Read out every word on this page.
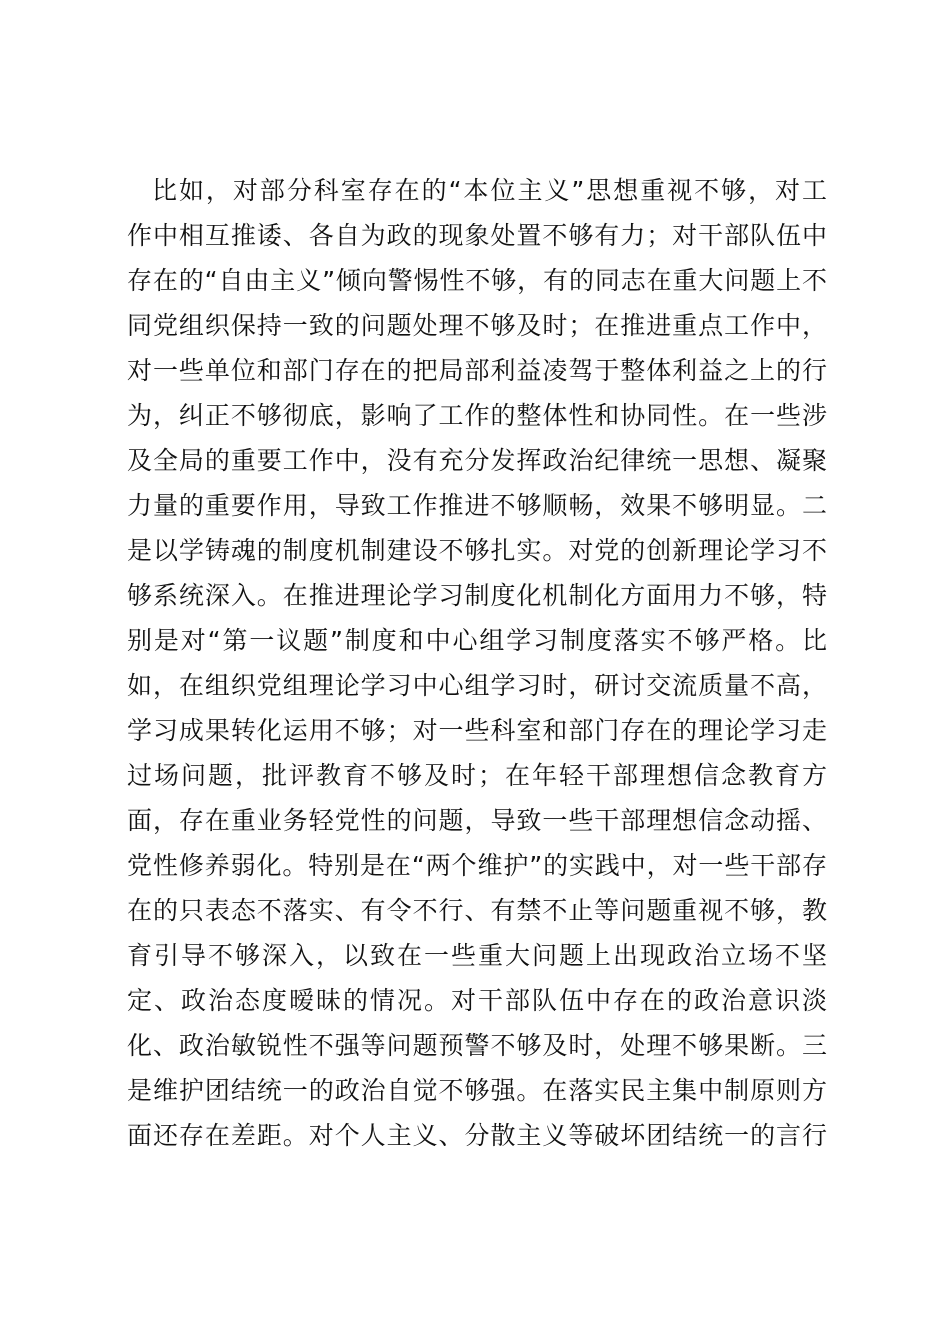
比如，对部分科室存在的“本位主义”思想重视不够，对工
作中相互推诿、各自为政的现象处置不够有力；对干部队伍中
存在的“自由主义”倾向警惕性不够，有的同志在重大问题上不
同党组织保持一致的问题处理不够及时；在推进重点工作中，
对一些单位和部门存在的把局部利益凌驾于整体利益之上的行
为，纠正不够彻底，影响了工作的整体性和协同性。在一些涉
及全局的重要工作中，没有充分发挥政治纪律统一思想、凝聚
力量的重要作用，导致工作推进不够顺畅，效果不够明显。二
是以学铸魂的制度机制建设不够扎实。对党的创新理论学习不
够系统深入。在推进理论学习制度化机制化方面用力不够，特
别是对“第一议题”制度和中心组学习制度落实不够严格。比
如，在组织党组理论学习中心组学习时，研讨交流质量不高，
学习成果转化运用不够；对一些科室和部门存在的理论学习走
过场问题，批评教育不够及时；在年轻干部理想信念教育方
面，存在重业务轻党性的问题，导致一些干部理想信念动摇、
党性修养弱化。特别是在“两个维护”的实践中，对一些干部存
在的只表态不落实、有令不行、有禁不止等问题重视不够，教
育引导不够深入，以致在一些重大问题上出现政治立场不坚
定、政治态度暧昧的情况。对干部队伍中存在的政治意识淡
化、政治敏锐性不强等问题预警不够及时，处理不够果断。三
是维护团结统一的政治自觉不够强。在落实民主集中制原则方
面还存在差距。对个人主义、分散主义等破坏团结统一的言行
